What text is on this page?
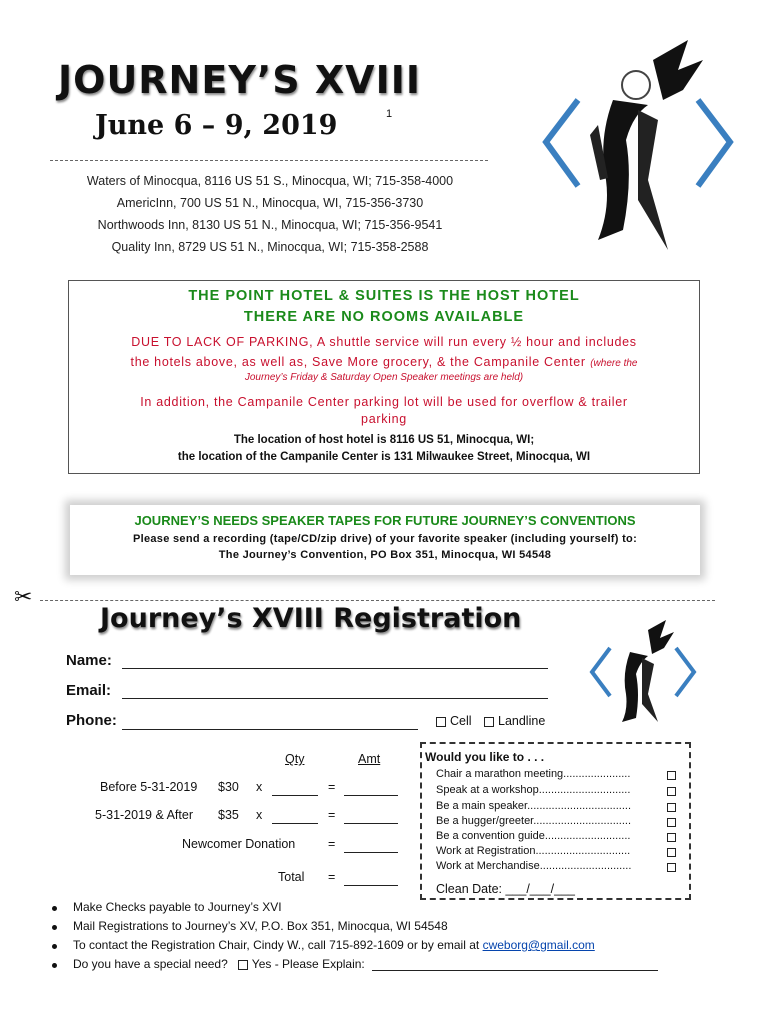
JOURNEY’S XVIII
June 6 – 9, 2019	1
Waters of Minocqua, 8116 US 51 S., Minocqua, WI; 715-358-4000
AmericInn, 700 US 51 N., Minocqua, WI, 715-356-3730
Northwoods Inn, 8130 US 51 N., Minocqua, WI; 715-356-9541
Quality Inn, 8729 US 51 N., Minocqua, WI; 715-358-2588
THE POINT HOTEL & SUITES IS THE HOST HOTEL
THERE ARE NO ROOMS AVAILABLE
DUE TO LACK OF PARKING, A shuttle service will run every ½ hour and includes
the hotels above, as well as, Save More grocery, & the Campanile Center (where the
Journey’s Friday & Saturday Open Speaker meetings are held)
In addition, the Campanile Center parking lot will be used for overflow & trailer
parking
The location of host hotel is 8116 US 51, Minocqua, WI;
the location of the Campanile Center is 131 Milwaukee Street, Minocqua, WI
JOURNEY’S NEEDS SPEAKER TAPES FOR FUTURE JOURNEY’S CONVENTIONS
Please send a recording (tape/CD/zip drive) of your favorite speaker (including yourself) to:
The Journey’s Convention, PO Box 351, Minocqua, WI 54548
✂
Journey’s XVIII Registration
Name:
Email:
Phone:	Cell	Landline
Qty	Amt
Before 5-31-2019 $30 x	=
5-31-2019 & After $35 x	=
Newcomer Donation	=
Total =
Would you like to . . .
Chair a marathon meeting......................
Speak at a workshop..............................
Be a main speaker..................................
Be a hugger/greeter................................
Be a convention guide............................
Work at Registration...............................
Work at Merchandise..............................
Clean Date: ___/___/___
Make Checks payable to Journey’s XVI
Mail Registrations to Journey’s XV, P.O. Box 351, Minocqua, WI 54548
To contact the Registration Chair, Cindy W., call 715-892-1609 or by email at cweborg@gmail.com
Do you have a special need? Yes - Please Explain:
